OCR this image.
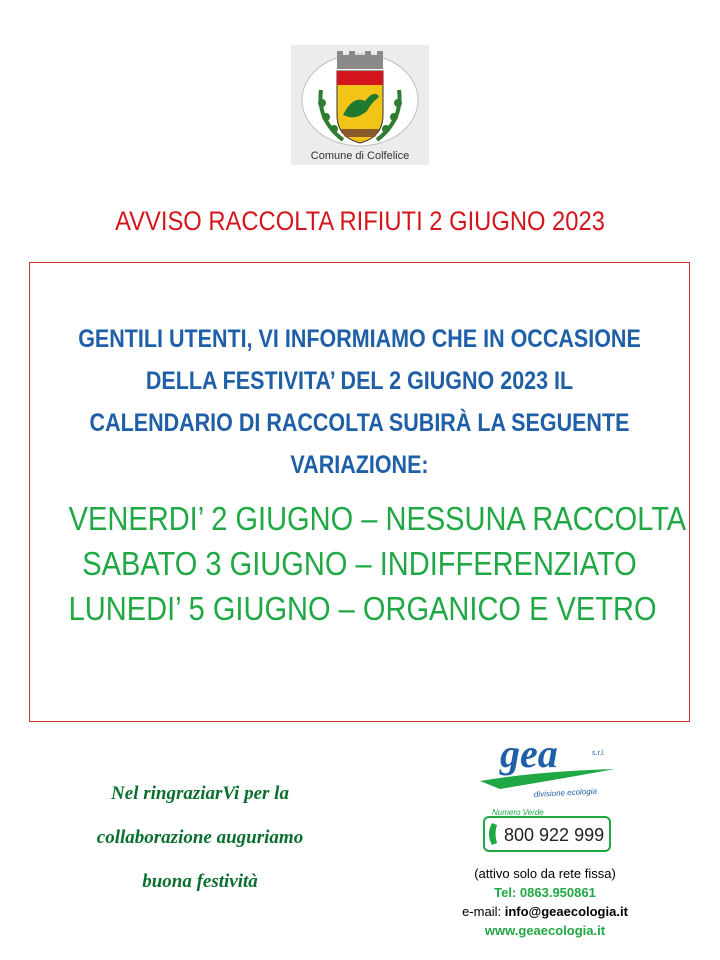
Comune di Colfelice
AVVISO RACCOLTA RIFIUTI 2 GIUGNO 2023
GENTILI UTENTI, VI INFORMIAMO CHE IN OCCASIONE
DELLA FESTIVITA’ DEL 2 GIUGNO 2023 IL
CALENDARIO DI RACCOLTA SUBIRÀ LA SEGUENTE
VARIAZIONE:
VENERDI’ 2 GIUGNO – NESSUNA RACCOLTA
SABATO 3 GIUGNO – INDIFFERENZIATO
LUNEDI’ 5 GIUGNO – ORGANICO E VETRO
Nel ringraziarVi per la
collaborazione auguriamo
buona festività
gea	s.r.l.
divisione ecologia
Numero Verde
800 922 999
(attivo solo da rete fissa)
Tel: 0863.950861
e-mail: info@geaecologia.it
www.geaecologia.it
